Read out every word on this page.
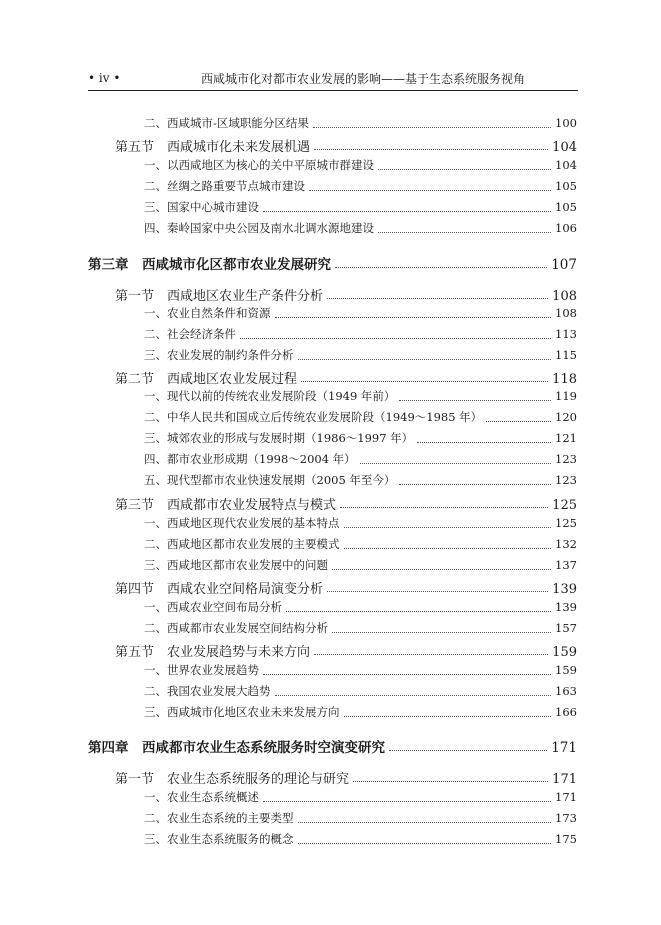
• iv •	西咸城市化对都市农业发展的影响——基于生态系统服务视角
二、西咸城市-区域职能分区结果	100
第五节　西咸城市化未来发展机遇	104
一、以西咸地区为核心的关中平原城市群建设	104
二、丝绸之路重要节点城市建设	105
三、国家中心城市建设	105
四、秦岭国家中央公园及南水北调水源地建设	106
第三章　西咸城市化区都市农业发展研究	107
第一节　西咸地区农业生产条件分析	108
一、农业自然条件和资源	108
二、社会经济条件	113
三、农业发展的制约条件分析	115
第二节　西咸地区农业发展过程	118
一、现代以前的传统农业发展阶段（1949 年前）	119
二、中华人民共和国成立后传统农业发展阶段（1949～1985 年）	120
三、城郊农业的形成与发展时期（1986～1997 年）	121
四、都市农业形成期（1998～2004 年）	123
五、现代型都市农业快速发展期（2005 年至今）	123
第三节　西咸都市农业发展特点与模式	125
一、西咸地区现代农业发展的基本特点	125
二、西咸地区都市农业发展的主要模式	132
三、西咸地区都市农业发展中的问题	137
第四节　西咸农业空间格局演变分析	139
一、西咸农业空间布局分析	139
二、西咸都市农业发展空间结构分析	157
第五节　农业发展趋势与未来方向	159
一、世界农业发展趋势	159
二、我国农业发展大趋势	163
三、西咸城市化地区农业未来发展方向	166
第四章　西咸都市农业生态系统服务时空演变研究	171
第一节　农业生态系统服务的理论与研究	171
一、农业生态系统概述	171
二、农业生态系统的主要类型	173
三、农业生态系统服务的概念	175
